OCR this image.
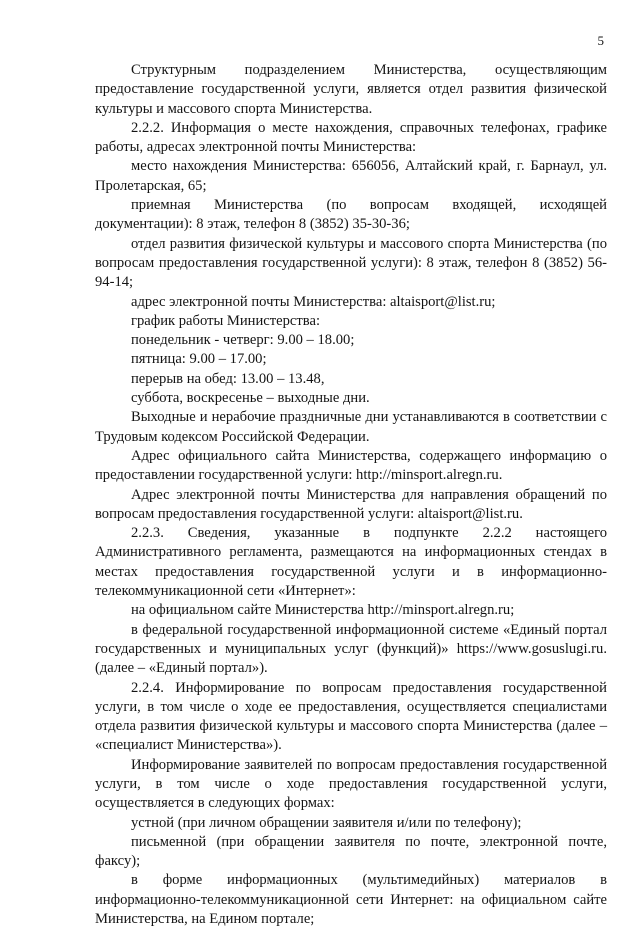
5

Структурным подразделением Министерства, осуществляющим предоставление государственной услуги, является отдел развития физической культуры и массового спорта Министерства.

2.2.2. Информация о месте нахождения, справочных телефонах, графике работы, адресах электронной почты Министерства:

место нахождения Министерства: 656056, Алтайский край, г. Барнаул, ул. Пролетарская, 65;

приемная Министерства (по вопросам входящей, исходящей документации): 8 этаж, телефон 8 (3852) 35-30-36;

отдел развития физической культуры и массового спорта Министерства (по вопросам предоставления государственной услуги): 8 этаж, телефон 8 (3852) 56-94-14;

адрес электронной почты Министерства: altaisport@list.ru;

график работы Министерства:

понедельник - четверг: 9.00 – 18.00;

пятница: 9.00 – 17.00;

перерыв на обед: 13.00 – 13.48,

суббота, воскресенье – выходные дни.

Выходные и нерабочие праздничные дни устанавливаются в соответствии с Трудовым кодексом Российской Федерации.

Адрес официального сайта Министерства, содержащего информацию о предоставлении государственной услуги: http://minsport.alregn.ru.

Адрес электронной почты Министерства для направления обращений по вопросам предоставления государственной услуги: altaisport@list.ru.

2.2.3. Сведения, указанные в подпункте 2.2.2 настоящего Административного регламента, размещаются на информационных стендах в местах предоставления государственной услуги и в информационно-телекоммуникационной сети «Интернет»:

на официальном сайте Министерства http://minsport.alregn.ru;

в федеральной государственной информационной системе «Единый портал государственных и муниципальных услуг (функций)» https://www.gosuslugi.ru. (далее – «Единый портал»).

2.2.4. Информирование по вопросам предоставления государственной услуги, в том числе о ходе ее предоставления, осуществляется специалистами отдела развития физической культуры и массового спорта Министерства (далее – «специалист Министерства»).

Информирование заявителей по вопросам предоставления государственной услуги, в том числе о ходе предоставления государственной услуги, осуществляется в следующих формах:

устной (при личном обращении заявителя и/или по телефону);

письменной (при обращении заявителя по почте, электронной почте, факсу);

в форме информационных (мультимедийных) материалов в информационно-телекоммуникационной сети Интернет: на официальном сайте Министерства, на Едином портале;
